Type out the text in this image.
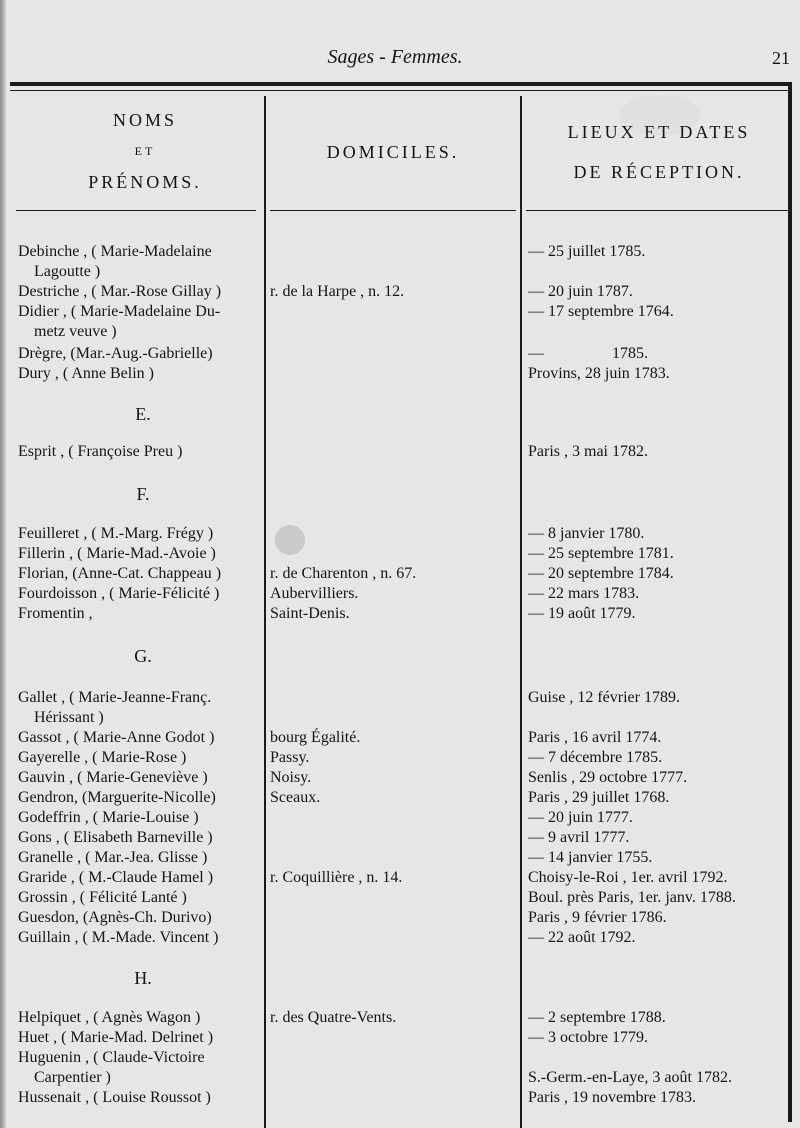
Sages - Femmes.	21
NOMS
ET
PRÉNOMS.
DOMICILES.
LIEUX ET DATES
DE RÉCEPTION.
Debinche , ( Marie-Madelaine	— 25 juillet 1785.
Lagoutte )
Destriche , ( Mar.-Rose Gillay )	r. de la Harpe , n. 12.	— 20 juin 1787.
Didier , ( Marie-Madelaine Du-	— 17 septembre 1764.
metz veuve )
Drègre, (Mar.-Aug.-Gabrielle)	—                 1785.
Dury , ( Anne Belin )	Provins, 28 juin 1783.
E.
Esprit , ( Françoise Preu )	Paris , 3 mai 1782.
F.
Feuilleret , ( M.-Marg. Frégy )	— 8 janvier 1780.
Fillerin , ( Marie-Mad.-Avoie )	— 25 septembre 1781.
Florian, (Anne-Cat. Chappeau )	r. de Charenton , n. 67.	— 20 septembre 1784.
Fourdoisson , ( Marie-Félicité )	Aubervilliers.	— 22 mars 1783.
Fromentin ,	Saint-Denis.	— 19 août 1779.
G.
Gallet , ( Marie-Jeanne-Franç.	Guise , 12 février 1789.
Hérissant )
Gassot , ( Marie-Anne Godot )	bourg Égalité.	Paris , 16 avril 1774.
Gayerelle , ( Marie-Rose )	Passy.	— 7 décembre 1785.
Gauvin , ( Marie-Geneviève )	Noisy.	Senlis , 29 octobre 1777.
Gendron, (Marguerite-Nicolle)	Sceaux.	Paris , 29 juillet 1768.
Godeffrin , ( Marie-Louise )	— 20 juin 1777.
Gons , ( Elisabeth Barneville )	— 9 avril 1777.
Granelle , ( Mar.-Jea. Glisse )	— 14 janvier 1755.
Graride , ( M.-Claude Hamel )	r. Coquillière , n. 14.	Choisy-le-Roi , 1er. avril 1792.
Grossin , ( Félicité Lanté )	Boul. près Paris, 1er. janv. 1788.
Guesdon, (Agnès-Ch. Durivo)	Paris , 9 février 1786.
Guillain , ( M.-Made. Vincent )	— 22 août 1792.
H.
Helpiquet , ( Agnès Wagon )	r. des Quatre-Vents.	— 2 septembre 1788.
Huet , ( Marie-Mad. Delrinet )	— 3 octobre 1779.
Huguenin , ( Claude-Victoire
Carpentier )	S.-Germ.-en-Laye, 3 août 1782.
Hussenait , ( Louise Roussot )	Paris , 19 novembre 1783.
